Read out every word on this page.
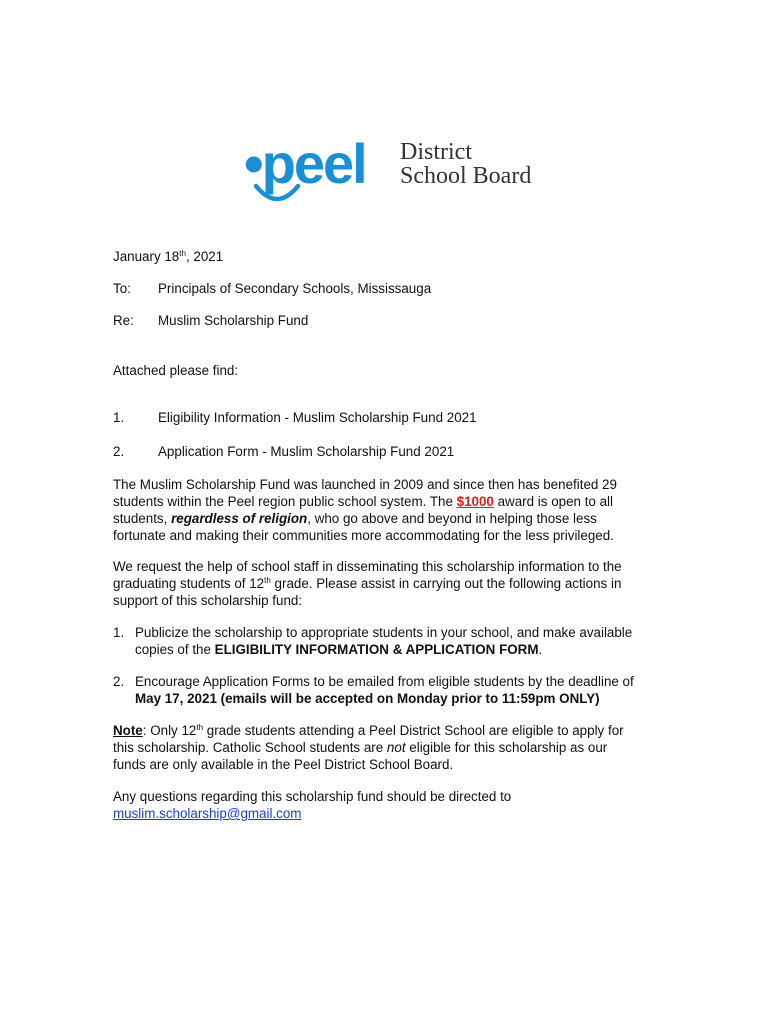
•peel District
School Board
January 18th, 2021
To: Principals of Secondary Schools, Mississauga
Re: Muslim Scholarship Fund
Attached please find:
1.	Eligibility Information - Muslim Scholarship Fund 2021
2.	Application Form - Muslim Scholarship Fund 2021
The Muslim Scholarship Fund was launched in 2009 and since then has benefited 29
students within the Peel region public school system. The $1000 award is open to all
students, regardless of religion, who go above and beyond in helping those less
fortunate and making their communities more accommodating for the less privileged.
We request the help of school staff in disseminating this scholarship information to the
graduating students of 12th grade. Please assist in carrying out the following actions in
support of this scholarship fund:
1. Publicize the scholarship to appropriate students in your school, and make available
copies of the ELIGIBILITY INFORMATION & APPLICATION FORM.
2. Encourage Application Forms to be emailed from eligible students by the deadline of
May 17, 2021 (emails will be accepted on Monday prior to 11:59pm ONLY)
Note: Only 12th grade students attending a Peel District School are eligible to apply for
this scholarship. Catholic School students are not eligible for this scholarship as our
funds are only available in the Peel District School Board.
Any questions regarding this scholarship fund should be directed to
muslim.scholarship@gmail.com
